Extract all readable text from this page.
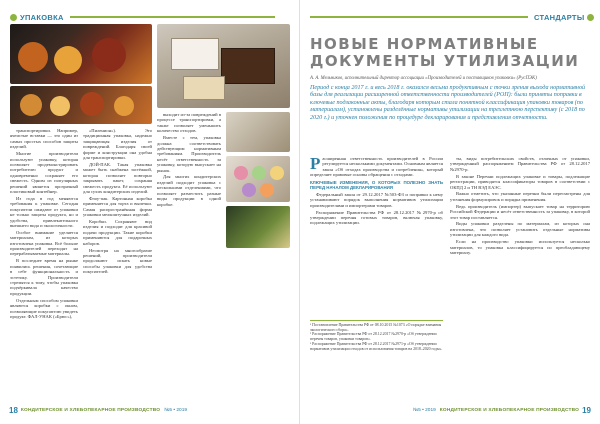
УПАКОВКА

транспортировки. Например, ячеистые вставки — это один из самых простых способов защиты изделий.

Многие производители используют упаковку, которая позволяет продемонстрировать потребителю продукт и одновременно сохраняет его свежесть. Одним из популярных решений является прозрачный пластиковый контейнер.

Из года в год меняются требования к упаковке. Сегодня покупатели ожидают от упаковки не только защиты продукта, но и удобства, привлекательного внешнего вида и экологичности.

Особое внимание уделяется материалам, из которых изготовлена упаковка. Всё больше производителей переходят на перерабатываемые материалы.

В последнее время на рынке появились решения, сочетающие в себе функциональность и эстетику. Производители стремятся к тому, чтобы упаковка подчёркивала качество продукции.

Отдельным способом упаковки являются коробки с окном, позволяющие покупателю увидеть продукт. ФАЛ-УНАК («Брюс»),

«Пиленион»). Это традиционная упаковка, надежно защищающая изделия от повреждений. Благодаря своей форме и конструкции она удобна для транспортировки.

ДОЙ-ПАК. Такая упаковка может быть снабжена застёжкой, которая позволяет повторно закрывать пакет, сохраняя свежесть продукта. Её используют для сухих кондитерских изделий.

Флоу-пак. Картонная коробка применяется для торта и выпечки. Самая распространённая форма упаковки мелкоштучных изделий.

Коробки. Сохраняют вид изделия и подходят для красивой подачи продукции. Такие коробки применяются для подарочных наборов.

Несмотря на многообразие решений, производители продолжают искать новые способы упаковки для удобства покупателей.

выходит из-за повреждений в процессе транспортировки, а также позволяет уменьшить количество отходов.

Вместе с тем, упаковка должна соответствовать действующим нормативным требованиям. Производитель несёт ответственность за упаковку, которую выпускает на рынок.

Для многих кондитерских изделий подходит упаковка с несколькими отделениями, что позволяет разместить разные виды продукции в одной коробке.

18 КОНДИТЕРСКОЕ И ХЛЕБОПЕКАРНОЕ ПРОИЗВОДСТВО №5 • 2019
СТАНДАРТЫ
НОВЫЕ НОРМАТИВНЫЕ ДОКУМЕНТЫ УТИЛИЗАЦИИ
А. А. Мельников, исполнительный директор ассоциации «Производителей и поставщиков упаковки» (РусПЭК)
Период с конца 2017 г. и весь 2018 г. оказался весьма продуктивным с точки зрения выхода нормативной базы для реализации расширенной ответственности производителей (РОП): были приняты поправки в ключевые подзаконные акты, благодаря которым стала понятной классификация упаковки товаров (по материалам), установлены разделённые нормативы утилизации на трехлетнюю перспективу (с 2018 по 2020 г.) и уточнен положения по процедуре декларирования и представления отчетности.

Расширенная ответственность производителей в России регулируется несколькими документами. Основным является закон «Об отходах производства и потребления», который определяет правовые основы обращения с отходами.

КЛЮЧЕВЫЕ ИЗМЕНЕНИЯ, О КОТОРЫХ ПОЛЕЗНО ЗНАТЬ ПЕРЕД НАЧАЛОМ ДЕКЛАРИРОВАНИЯ

Федеральный закон от 29.12.2017 №503-ФЗ и поправки к нему устанавливают порядок выполнения нормативов утилизации производителями и импортерами товаров.

Распоряжение Правительства РФ от 28.12.2017 №2970-р об утверждении перечня готовых товаров, включая упаковку, подлежащих утилизации.

¹ Постановление Правительства РФ от 08.10.2015 №1073 «О порядке взимания экологического сбора».
² Распоряжение Правительства РФ от 28.12.2017 №2970-р «Об утверждении перечня товаров, упаковки товаров».
³ Распоряжение Правительства РФ от 28.12.2017 №2971-р «Об утверждении нормативов утилизации отходов от использования товаров на 2018–2020 годы».

ты, виды потребительских свойств, отличных от упаковки, утвержденный распоряжением Правительства РФ от 28.12.2017 №2970-р.

В законе Перечни подлежащих упаковке и товары, подлежащие регистрации, приводятся классификаторы товаров в соответствии с ОКПД 2 и ТН ВЭД ЕАЭС.

Важно отметить, что указанные перечни были пересмотрены для уточнения формулировок и порядка применения.

Ведь производитель (импортер) выпускает товар на территорию Российской Федерации и несёт ответственность за упаковку, в которой этот товар поставляется.

Виды упаковки разделены по материалам, из которых она изготовлена, что позволяет установить отдельные нормативы утилизации для каждого вида.

Если на производство упаковки используется несколько материалов, то упаковка классифицируется по преобладающему материалу.

№5 • 2019 КОНДИТЕРСКОЕ И ХЛЕБОПЕКАРНОЕ ПРОИЗВОДСТВО 19
